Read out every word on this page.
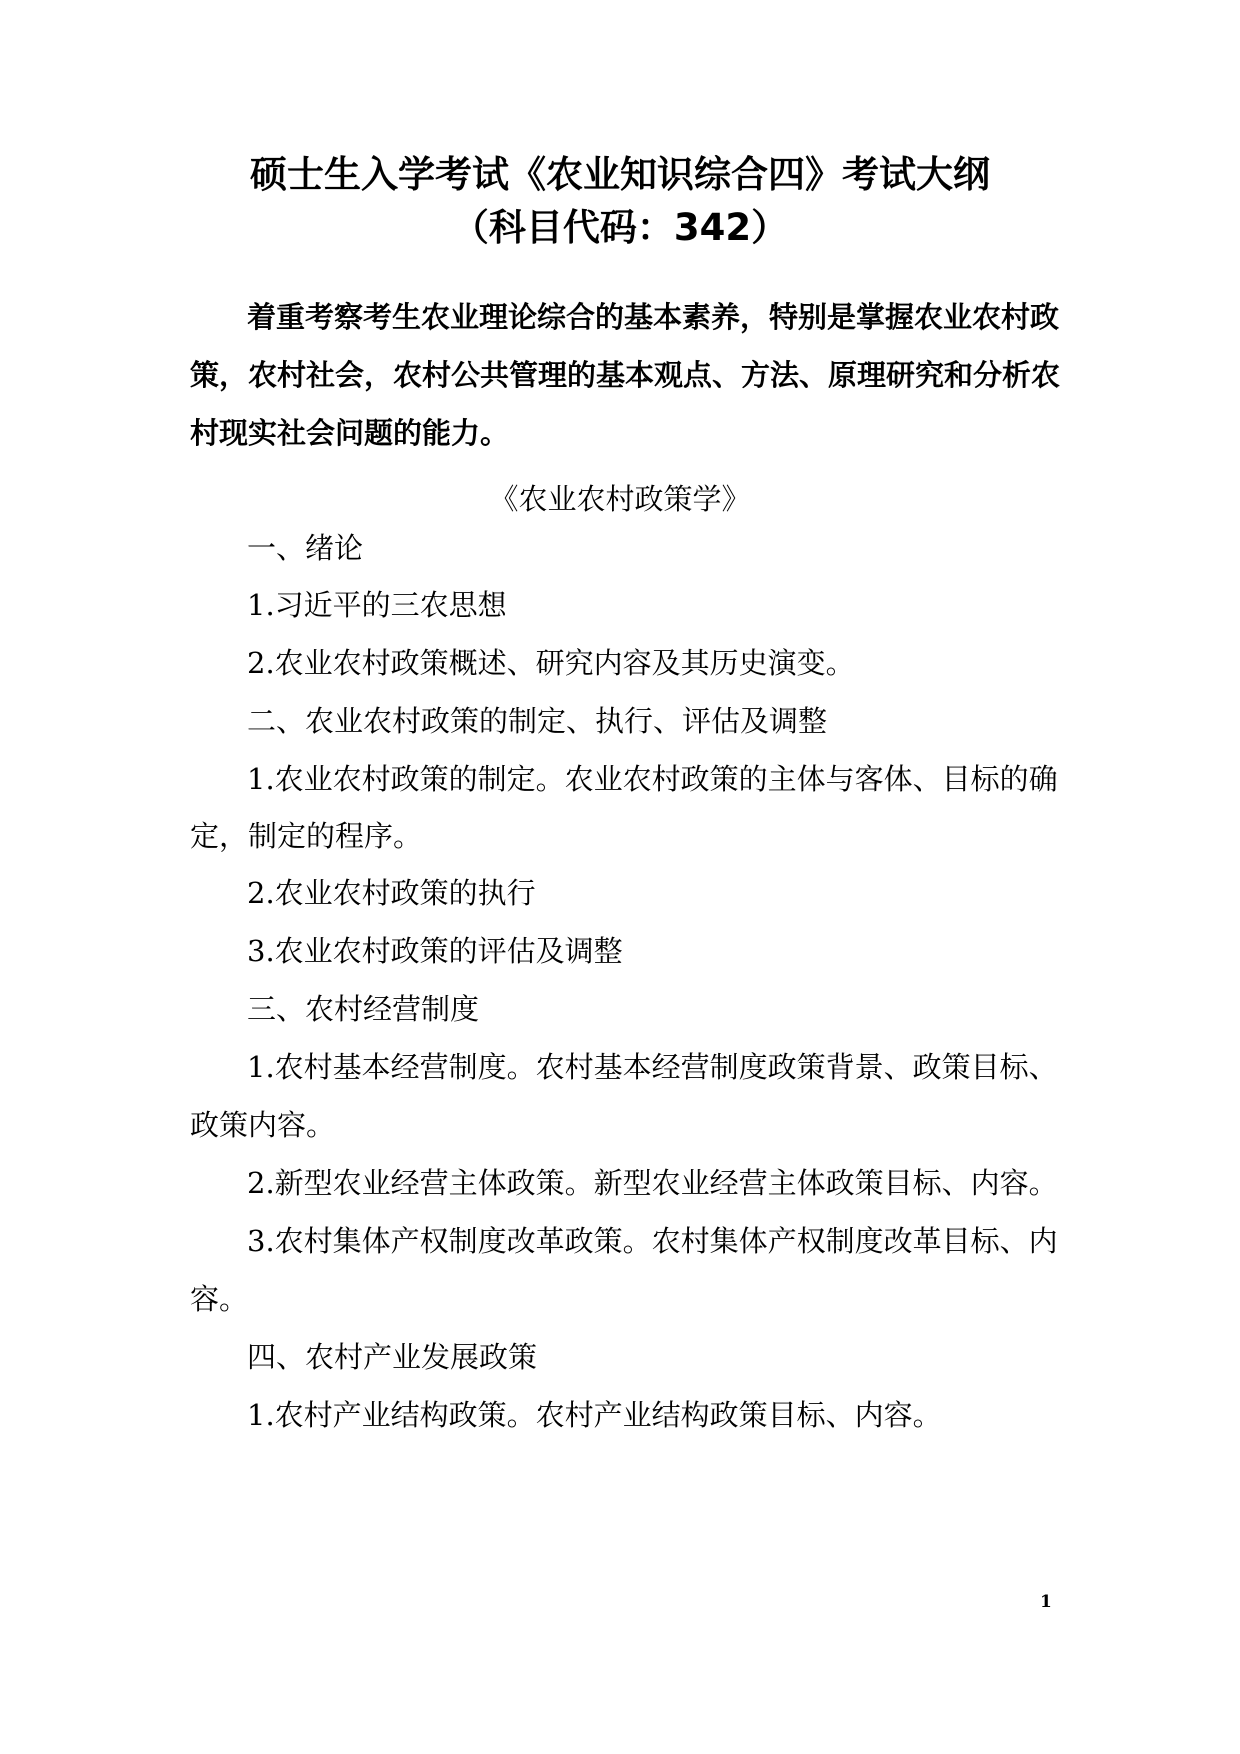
硕士生入学考试《农业知识综合四》考试大纲
（科目代码：342）
着重考察考生农业理论综合的基本素养，特别是掌握农业农村政
策，农村社会，农村公共管理的基本观点、方法、原理研究和分析农
村现实社会问题的能力。
《农业农村政策学》
一、绪论
1.习近平的三农思想
2.农业农村政策概述、研究内容及其历史演变。
二、农业农村政策的制定、执行、评估及调整
1.农业农村政策的制定。农业农村政策的主体与客体、目标的确
定，制定的程序。
2.农业农村政策的执行
3.农业农村政策的评估及调整
三、农村经营制度
1.农村基本经营制度。农村基本经营制度政策背景、政策目标、
政策内容。
2.新型农业经营主体政策。新型农业经营主体政策目标、内容。
3.农村集体产权制度改革政策。农村集体产权制度改革目标、内
容。
四、农村产业发展政策
1.农村产业结构政策。农村产业结构政策目标、内容。
1
